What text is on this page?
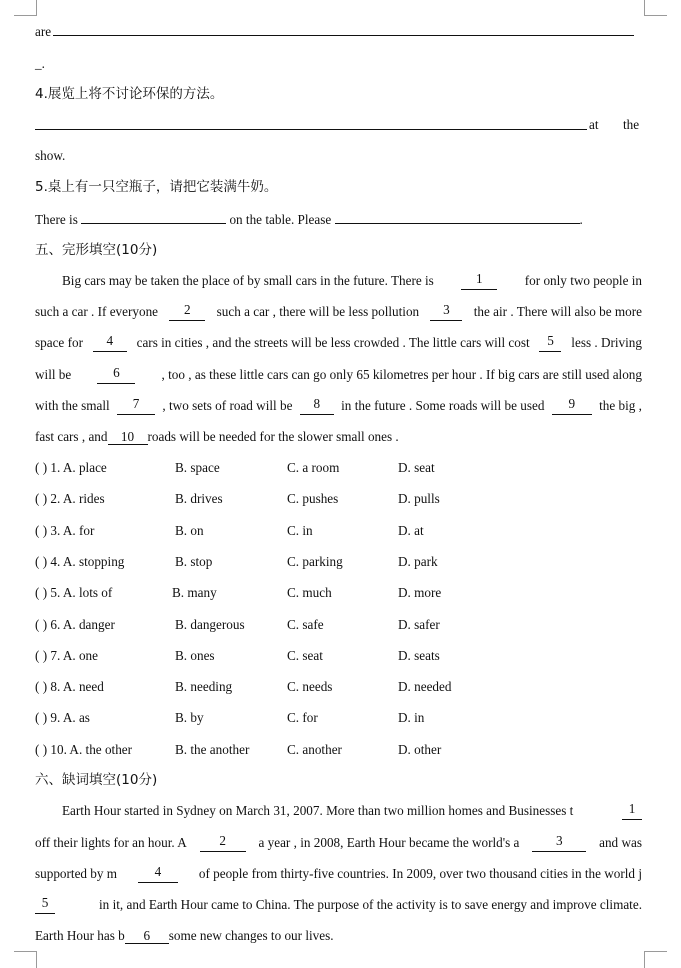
are
_.
4.展览上将不讨论环保的方法。
at the
show.
5.桌上有一只空瓶子，请把它装满牛奶。
There is	on the table. Please	.
五、完形填空(10分)
Big cars may be taken the place of by small cars in the future. There is	1	for only two people in
such a car . If everyone	2	such a car , there will be less pollution	3	the air . There will also be more
space for	4	cars in cities , and the streets will be less crowded . The little cars will cost	5	less . Driving
will be	6	, too , as these little cars can go only 65 kilometres per hour . If big cars are still used along
with the small	7	, two sets of road will be	8	in the future . Some roads will be used	9	the big ,
fast cars , and 10 roads will be needed for the slower small ones .
( ) 1. A. place	B. space	C. a room	D. seat
( ) 2. A. rides	B. drives	C. pushes	D. pulls
( ) 3. A. for	B. on	C. in	D. at
( ) 4. A. stopping	B. stop	C. parking	D. park
( ) 5. A. lots of	B. many	C. much	D. more
( ) 6. A. danger	B. dangerous	C. safe	D. safer
( ) 7. A. one	B. ones	C. seat	D. seats
( ) 8. A. need	B. needing	C. needs	D. needed
( ) 9. A. as	B. by	C. for	D. in
( ) 10. A. the other	B. the another	C. another	D. other
六、缺词填空(10分)
Earth Hour started in Sydney on March 31, 2007. More than two million homes and Businesses t	1
off their lights for an hour. A	2	a year , in 2008, Earth Hour became the world's a	3	and was
supported by m	4	of people from thirty-five countries. In 2009, over two thousand cities in the world j
5	in it, and Earth Hour came to China. The purpose of the activity is to save energy and improve climate.
Earth Hour has b 6 some new changes to our lives.
